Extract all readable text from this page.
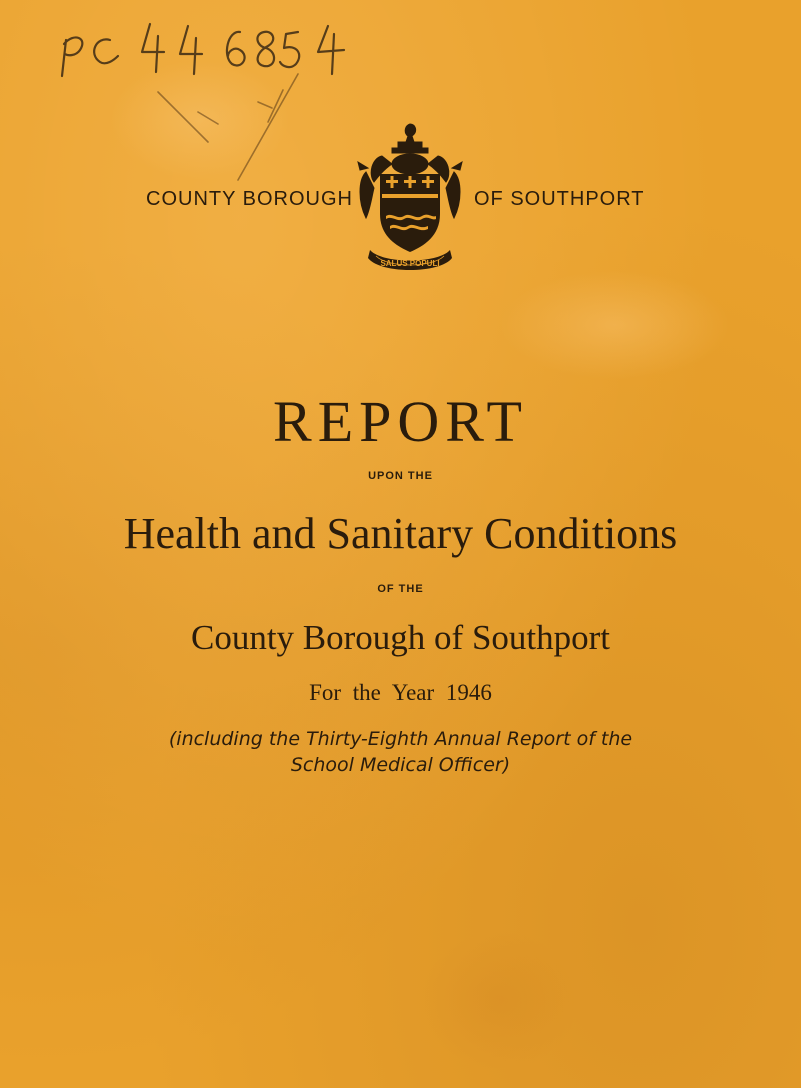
COUNTY BOROUGH	OF SOUTHPORT
SALUS POPULI
REPORT
UPON THE
Health and Sanitary Conditions
OF THE
County Borough of Southport
For the Year 1946
(including the Thirty-Eighth Annual Report of the
School Medical Officer)
